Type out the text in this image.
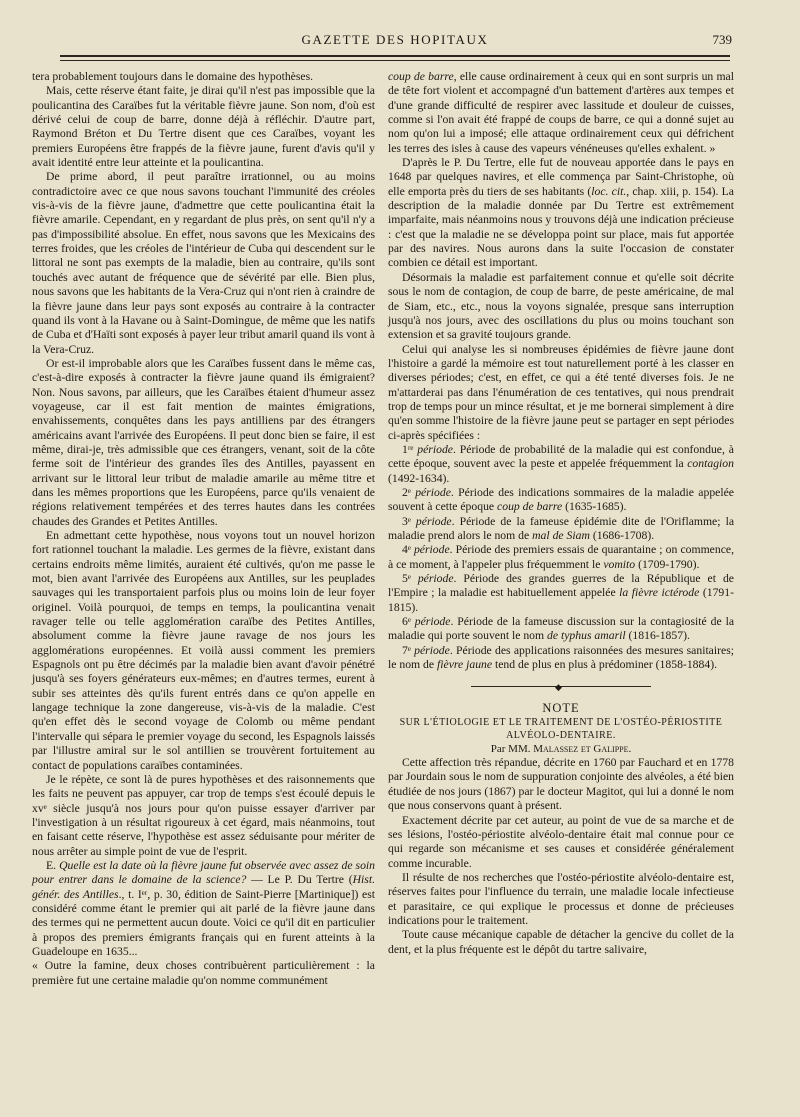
GAZETTE DES HOPITAUX	739

tera probablement toujours dans le domaine des hypothèses.

Mais, cette réserve étant faite, je dirai qu'il n'est pas impossible que la poulicantina des Caraïbes fut la véritable fièvre jaune. Son nom, d'où est dérivé celui de coup de barre, donne déjà à réfléchir. D'autre part, Raymond Bréton et Du Tertre disent que ces Caraïbes, voyant les premiers Européens être frappés de la fièvre jaune, furent d'avis qu'il y avait identité entre leur atteinte et la poulicantina.

De prime abord, il peut paraître irrationnel, ou au moins contradictoire avec ce que nous savons touchant l'immunité des créoles vis-à-vis de la fièvre jaune, d'admettre que cette poulicantina était la fièvre amarile. Cependant, en y regardant de plus près, on sent qu'il n'y a pas d'impossibilité absolue. En effet, nous savons que les Mexicains des terres froides, que les créoles de l'intérieur de Cuba qui descendent sur le littoral ne sont pas exempts de la maladie, bien au contraire, qu'ils sont touchés avec autant de fréquence que de sévérité par elle. Bien plus, nous savons que les habitants de la Vera-Cruz qui n'ont rien à craindre de la fièvre jaune dans leur pays sont exposés au contraire à la contracter quand ils vont à la Havane ou à Saint-Domingue, de même que les natifs de Cuba et d'Haïti sont exposés à payer leur tribut amaril quand ils vont à la Vera-Cruz.

Or est-il improbable alors que les Caraïbes fussent dans le même cas, c'est-à-dire exposés à contracter la fièvre jaune quand ils émigraient? Non. Nous savons, par ailleurs, que les Caraïbes étaient d'humeur assez voyageuse, car il est fait mention de maintes émigrations, envahissements, conquêtes dans les pays antilliens par des étrangers américains avant l'arrivée des Européens. Il peut donc bien se faire, il est même, dirai-je, très admissible que ces étrangers, venant, soit de la côte ferme soit de l'intérieur des grandes îles des Antilles, payassent en arrivant sur le littoral leur tribut de maladie amarile au même titre et dans les mêmes proportions que les Européens, parce qu'ils venaient de régions relativement tempérées et des terres hautes dans les contrées chaudes des Grandes et Petites Antilles.

En admettant cette hypothèse, nous voyons tout un nouvel horizon fort rationnel touchant la maladie. Les germes de la fièvre, existant dans certains endroits même limités, auraient été cultivés, qu'on me passe le mot, bien avant l'arrivée des Européens aux Antilles, sur les peuplades sauvages qui les transportaient parfois plus ou moins loin de leur foyer originel. Voilà pourquoi, de temps en temps, la poulicantina venait ravager telle ou telle agglomération caraïbe des Petites Antilles, absolument comme la fièvre jaune ravage de nos jours les agglomérations européennes. Et voilà aussi comment les premiers Espagnols ont pu être décimés par la maladie bien avant d'avoir pénétré jusqu'à ses foyers générateurs eux-mêmes; en d'autres termes, eurent à subir ses atteintes dès qu'ils furent entrés dans ce qu'on appelle en langage technique la zone dangereuse, vis-à-vis de la maladie. C'est qu'en effet dès le second voyage de Colomb ou même pendant l'intervalle qui sépara le premier voyage du second, les Espagnols laissés par l'illustre amiral sur le sol antillien se trouvèrent fortuitement au contact de populations caraïbes contaminées.

Je le répète, ce sont là de pures hypothèses et des raisonnements que les faits ne peuvent pas appuyer, car trop de temps s'est écoulé depuis le xvᵉ siècle jusqu'à nos jours pour qu'on puisse essayer d'arriver par l'investigation à un résultat rigoureux à cet égard, mais néanmoins, tout en faisant cette réserve, l'hypothèse est assez séduisante pour mériter de nous arrêter au simple point de vue de l'esprit.

E. Quelle est la date où la fièvre jaune fut observée avec assez de soin pour entrer dans le domaine de la science? — Le P. Du Tertre (Hist. génér. des Antilles., t. Iᵉʳ, p. 30, édition de Saint-Pierre [Martinique]) est considéré comme étant le premier qui ait parlé de la fièvre jaune dans des termes qui ne permettent aucun doute. Voici ce qu'il dit en particulier à propos des premiers émigrants français qui en furent atteints à la Guadeloupe en 1635...

« Outre la famine, deux choses contribuèrent particulièrement : la première fut une certaine maladie qu'on nomme communément

coup de barre, elle cause ordinairement à ceux qui en sont surpris un mal de tête fort violent et accompagné d'un battement d'artères aux tempes et d'une grande difficulté de respirer avec lassitude et douleur de cuisses, comme si l'on avait été frappé de coups de barre, ce qui a donné sujet au nom qu'on lui a imposé; elle attaque ordinairement ceux qui défrichent les terres des isles à cause des vapeurs vénéneuses qu'elles exhalent. »

D'après le P. Du Tertre, elle fut de nouveau apportée dans le pays en 1648 par quelques navires, et elle commença par Saint-Christophe, où elle emporta près du tiers de ses habitants (loc. cit., chap. xiii, p. 154). La description de la maladie donnée par Du Tertre est extrêmement imparfaite, mais néanmoins nous y trouvons déjà une indication précieuse : c'est que la maladie ne se développa point sur place, mais fut apportée par des navires. Nous aurons dans la suite l'occasion de constater combien ce détail est important.

Désormais la maladie est parfaitement connue et qu'elle soit décrite sous le nom de contagion, de coup de barre, de peste américaine, de mal de Siam, etc., etc., nous la voyons signalée, presque sans interruption jusqu'à nos jours, avec des oscillations du plus ou moins touchant son extension et sa gravité toujours grande.

Celui qui analyse les si nombreuses épidémies de fièvre jaune dont l'histoire a gardé la mémoire est tout naturellement porté à les classer en diverses périodes; c'est, en effet, ce qui a été tenté diverses fois. Je ne m'attarderai pas dans l'énumération de ces tentatives, qui nous prendrait trop de temps pour un mince résultat, et je me bornerai simplement à dire qu'en somme l'histoire de la fièvre jaune peut se partager en sept périodes ci-après spécifiées :

1ʳᵉ période. Période de probabilité de la maladie qui est confondue, à cette époque, souvent avec la peste et appelée fréquemment la contagion (1492-1634).

2ᵉ période. Période des indications sommaires de la maladie appelée souvent à cette époque coup de barre (1635-1685).

3ᵉ période. Période de la fameuse épidémie dite de l'Oriflamme; la maladie prend alors le nom de mal de Siam (1686-1708).

4ᵉ période. Période des premiers essais de quarantaine ; on commence, à ce moment, à l'appeler plus fréquemment le vomito (1709-1790).

5ᵉ période. Période des grandes guerres de la République et de l'Empire ; la maladie est habituellement appelée la fièvre ictérode (1791-1815).

6ᵉ période. Période de la fameuse discussion sur la contagiosité de la maladie qui porte souvent le nom de typhus amaril (1816-1857).

7ᵉ période. Période des applications raisonnées des mesures sanitaires; le nom de fièvre jaune tend de plus en plus à prédominer (1858-1884).

◆

NOTE

SUR L'ÉTIOLOGIE ET LE TRAITEMENT DE L'OSTÉO-PÉRIOSTITE

ALVÉOLO-DENTAIRE.

Par MM. Malassez et Galippe.

Cette affection très répandue, décrite en 1760 par Fauchard et en 1778 par Jourdain sous le nom de suppuration conjointe des alvéoles, a été bien étudiée de nos jours (1867) par le docteur Magitot, qui lui a donné le nom que nous conservons quant à présent.

Exactement décrite par cet auteur, au point de vue de sa marche et de ses lésions, l'ostéo-périostite alvéolo-dentaire était mal connue pour ce qui regarde son mécanisme et ses causes et considérée généralement comme incurable.

Il résulte de nos recherches que l'ostéo-périostite alvéolo-dentaire est, réserves faites pour l'influence du terrain, une maladie locale infectieuse et parasitaire, ce qui explique le processus et donne de précieuses indications pour le traitement.

Toute cause mécanique capable de détacher la gencive du collet de la dent, et la plus fréquente est le dépôt du tartre salivaire,
